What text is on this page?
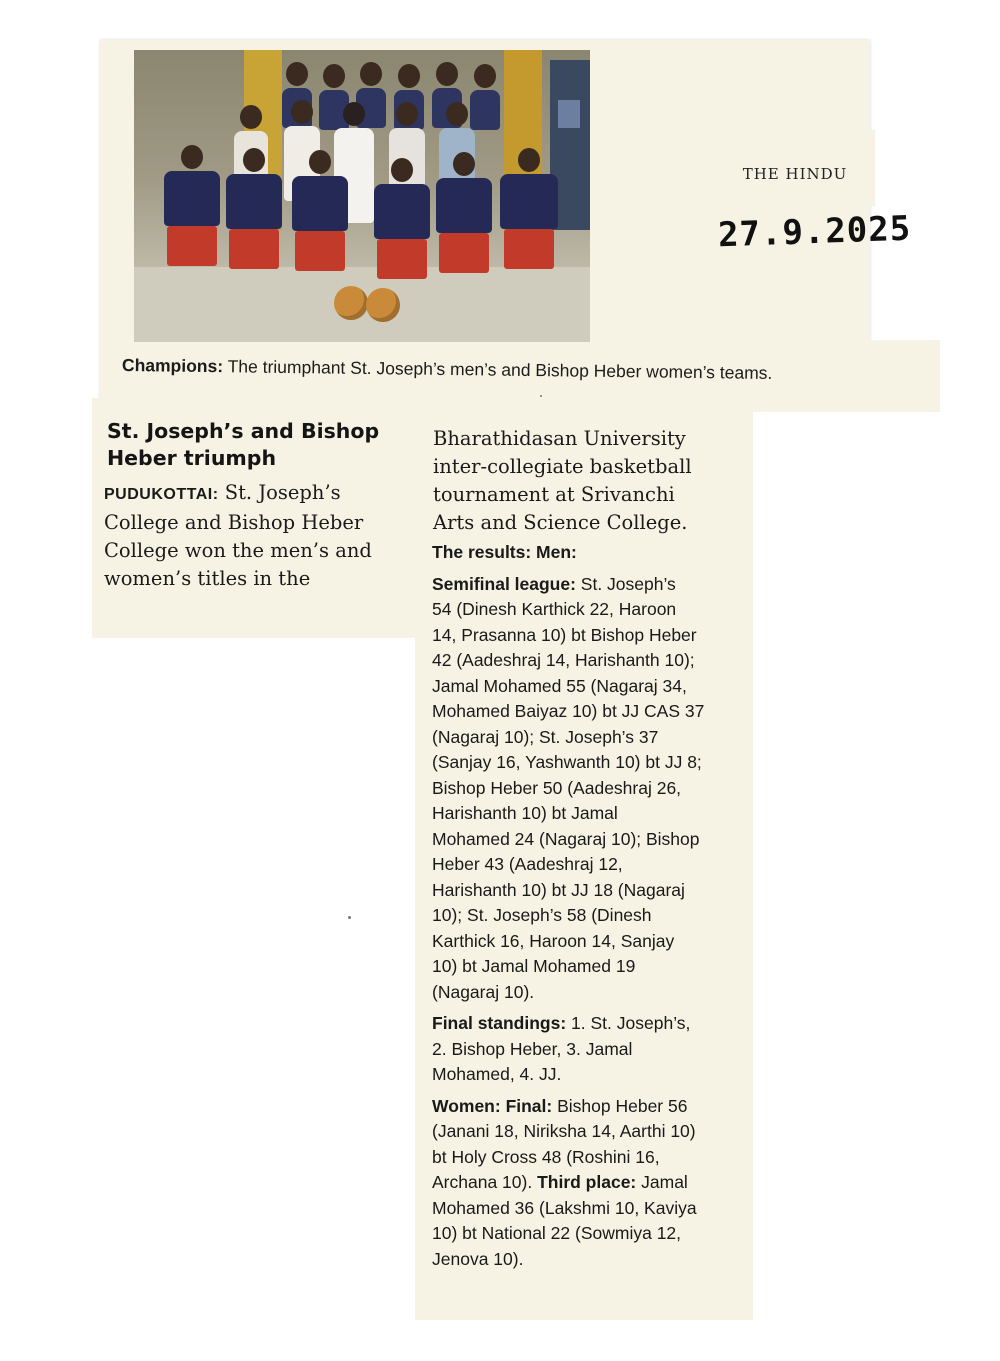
THE HINDU
27.9.2025
Champions: The triumphant St. Joseph’s men’s and Bishop Heber women’s teams.
St. Joseph’s and Bishop
Heber triumph
PUDUKOTTAI: St. Joseph’s
College and Bishop Heber
College won the men’s and
women’s titles in the
Bharathidasan University
inter-collegiate basketball
tournament at Srivanchi
Arts and Science College.

The results: Men:

Semifinal league: St. Joseph’s
54 (Dinesh Karthick 22, Haroon
14, Prasanna 10) bt Bishop Heber
42 (Aadeshraj 14, Harishanth 10);
Jamal Mohamed 55 (Nagaraj 34,
Mohamed Baiyaz 10) bt JJ CAS 37
(Nagaraj 10); St. Joseph’s 37
(Sanjay 16, Yashwanth 10) bt JJ 8;
Bishop Heber 50 (Aadeshraj 26,
Harishanth 10) bt Jamal
Mohamed 24 (Nagaraj 10); Bishop
Heber 43 (Aadeshraj 12,
Harishanth 10) bt JJ 18 (Nagaraj
10); St. Joseph’s 58 (Dinesh
Karthick 16, Haroon 14, Sanjay
10) bt Jamal Mohamed 19
(Nagaraj 10).

Final standings: 1. St. Joseph’s,
2. Bishop Heber, 3. Jamal
Mohamed, 4. JJ.

Women: Final: Bishop Heber 56
(Janani 18, Niriksha 14, Aarthi 10)
bt Holy Cross 48 (Roshini 16,
Archana 10). Third place: Jamal
Mohamed 36 (Lakshmi 10, Kaviya
10) bt National 22 (Sowmiya 12,
Jenova 10).
